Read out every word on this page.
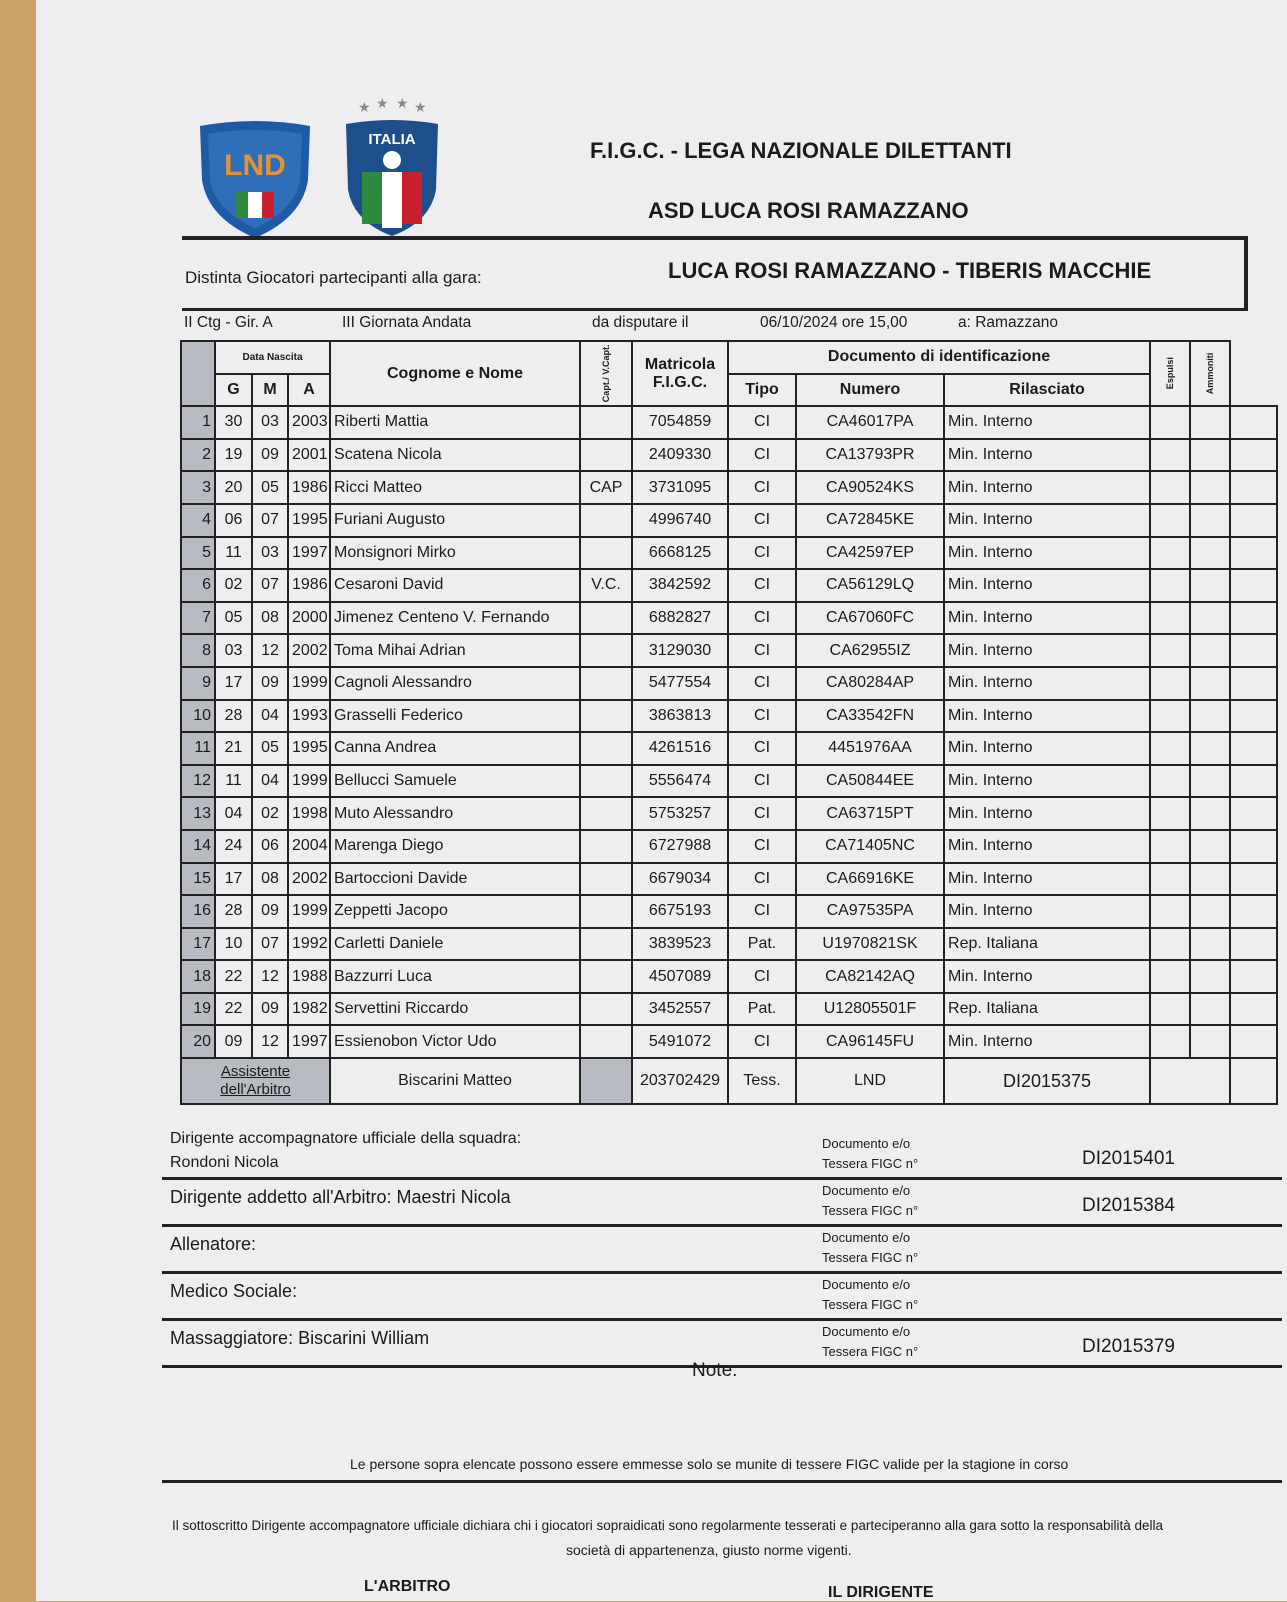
LND
★ ★ ★ ★
ITALIA	F.I.G.C. - LEGA NAZIONALE DILETTANTI
ASD LUCA ROSI RAMAZZANO
Distinta Giocatori partecipanti alla gara:	LUCA ROSI RAMAZZANO - TIBERIS MACCHIE
II Ctg - Gir. A	III Giornata Andata	da disputare il	06/10/2024 ore 15,00	a: Ramazzano
	Data Nascita			Cognome e Nome	Capt./ V.Capt.	Matricola
F.I.G.C.	Documento di identificazione			Espulsi	Ammoniti	
	G	M	A				Tipo	Numero	Rilasciato			
1	30	03	2003	Riberti Mattia		7054859	CI	CA46017PA	Min. Interno			
2	19	09	2001	Scatena Nicola		2409330	CI	CA13793PR	Min. Interno			
3	20	05	1986	Ricci Matteo	CAP	3731095	CI	CA90524KS	Min. Interno			
4	06	07	1995	Furiani Augusto		4996740	CI	CA72845KE	Min. Interno			
5	11	03	1997	Monsignori Mirko		6668125	CI	CA42597EP	Min. Interno			
6	02	07	1986	Cesaroni David	V.C.	3842592	CI	CA56129LQ	Min. Interno			
7	05	08	2000	Jimenez Centeno V. Fernando		6882827	CI	CA67060FC	Min. Interno			
8	03	12	2002	Toma Mihai Adrian		3129030	CI	CA62955IZ	Min. Interno			
9	17	09	1999	Cagnoli Alessandro		5477554	CI	CA80284AP	Min. Interno			
10	28	04	1993	Grasselli Federico		3863813	CI	CA33542FN	Min. Interno			
11	21	05	1995	Canna Andrea		4261516	CI	4451976AA	Min. Interno			
12	11	04	1999	Bellucci Samuele		5556474	CI	CA50844EE	Min. Interno			
13	04	02	1998	Muto Alessandro		5753257	CI	CA63715PT	Min. Interno			
14	24	06	2004	Marenga Diego		6727988	CI	CA71405NC	Min. Interno			
15	17	08	2002	Bartoccioni Davide		6679034	CI	CA66916KE	Min. Interno			
16	28	09	1999	Zeppetti Jacopo		6675193	CI	CA97535PA	Min. Interno			
17	10	07	1992	Carletti Daniele		3839523	Pat.	U1970821SK	Rep. Italiana			
18	22	12	1988	Bazzurri Luca		4507089	CI	CA82142AQ	Min. Interno			
19	22	09	1982	Servettini Riccardo		3452557	Pat.	U12805501F	Rep. Italiana			
20	09	12	1997	Essienobon Victor Udo		5491072	CI	CA96145FU	Min. Interno			

Assistente
dell'Arbitro				Biscarini Matteo		203702429	Tess.	LND	DI2015375			
Dirigente accompagnatore ufficiale della squadra:
Rondoni Nicola
Documento e/o
Tessera FIGC n°	DI2015401
Dirigente addetto all'Arbitro: Maestri Nicola	Documento e/o
Tessera FIGC n°	DI2015384
Allenatore:	Documento e/o
Tessera FIGC n°
Medico Sociale:	Documento e/o
Tessera FIGC n°
Massaggiatore: Biscarini William	Documento e/o
Tessera FIGC n°	DI2015379
Note:
Le persone sopra elencate possono essere emmesse solo se munite di tessere FIGC valide per la stagione in corso
Il sottoscritto Dirigente accompagnatore ufficiale dichiara chi i giocatori sopraidicati sono regolarmente tesserati e parteciperanno alla gara sotto la responsabilità della
società di appartenenza, giusto norme vigenti.
L'ARBITRO	IL DIRIGENTE
